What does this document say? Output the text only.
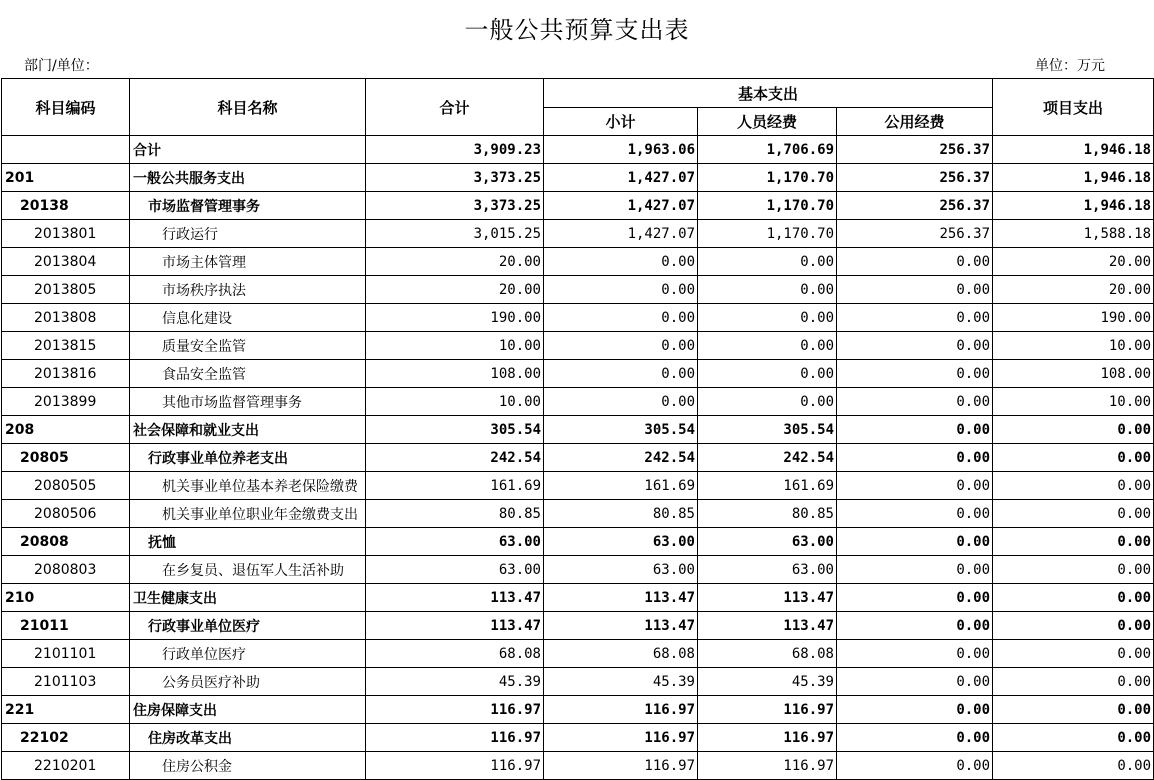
一般公共预算支出表
部门/单位：	单位：万元
科目编码	科目名称	合计	基本支出			项目支出
			小计	人员经费	公用经费	
	合计	3,909.23	1,963.06	1,706.69	256.37	1,946.18
201	一般公共服务支出	3,373.25	1,427.07	1,170.70	256.37	1,946.18
20138	市场监督管理事务	3,373.25	1,427.07	1,170.70	256.37	1,946.18
2013801	行政运行	3,015.25	1,427.07	1,170.70	256.37	1,588.18
2013804	市场主体管理	20.00	0.00	0.00	0.00	20.00
2013805	市场秩序执法	20.00	0.00	0.00	0.00	20.00
2013808	信息化建设	190.00	0.00	0.00	0.00	190.00
2013815	质量安全监管	10.00	0.00	0.00	0.00	10.00
2013816	食品安全监管	108.00	0.00	0.00	0.00	108.00
2013899	其他市场监督管理事务	10.00	0.00	0.00	0.00	10.00
208	社会保障和就业支出	305.54	305.54	305.54	0.00	0.00
20805	行政事业单位养老支出	242.54	242.54	242.54	0.00	0.00
2080505	机关事业单位基本养老保险缴费	161.69	161.69	161.69	0.00	0.00
2080506	机关事业单位职业年金缴费支出	80.85	80.85	80.85	0.00	0.00
20808	抚恤	63.00	63.00	63.00	0.00	0.00
2080803	在乡复员、退伍军人生活补助	63.00	63.00	63.00	0.00	0.00
210	卫生健康支出	113.47	113.47	113.47	0.00	0.00
21011	行政事业单位医疗	113.47	113.47	113.47	0.00	0.00
2101101	行政单位医疗	68.08	68.08	68.08	0.00	0.00
2101103	公务员医疗补助	45.39	45.39	45.39	0.00	0.00
221	住房保障支出	116.97	116.97	116.97	0.00	0.00
22102	住房改革支出	116.97	116.97	116.97	0.00	0.00
2210201	住房公积金	116.97	116.97	116.97	0.00	0.00
